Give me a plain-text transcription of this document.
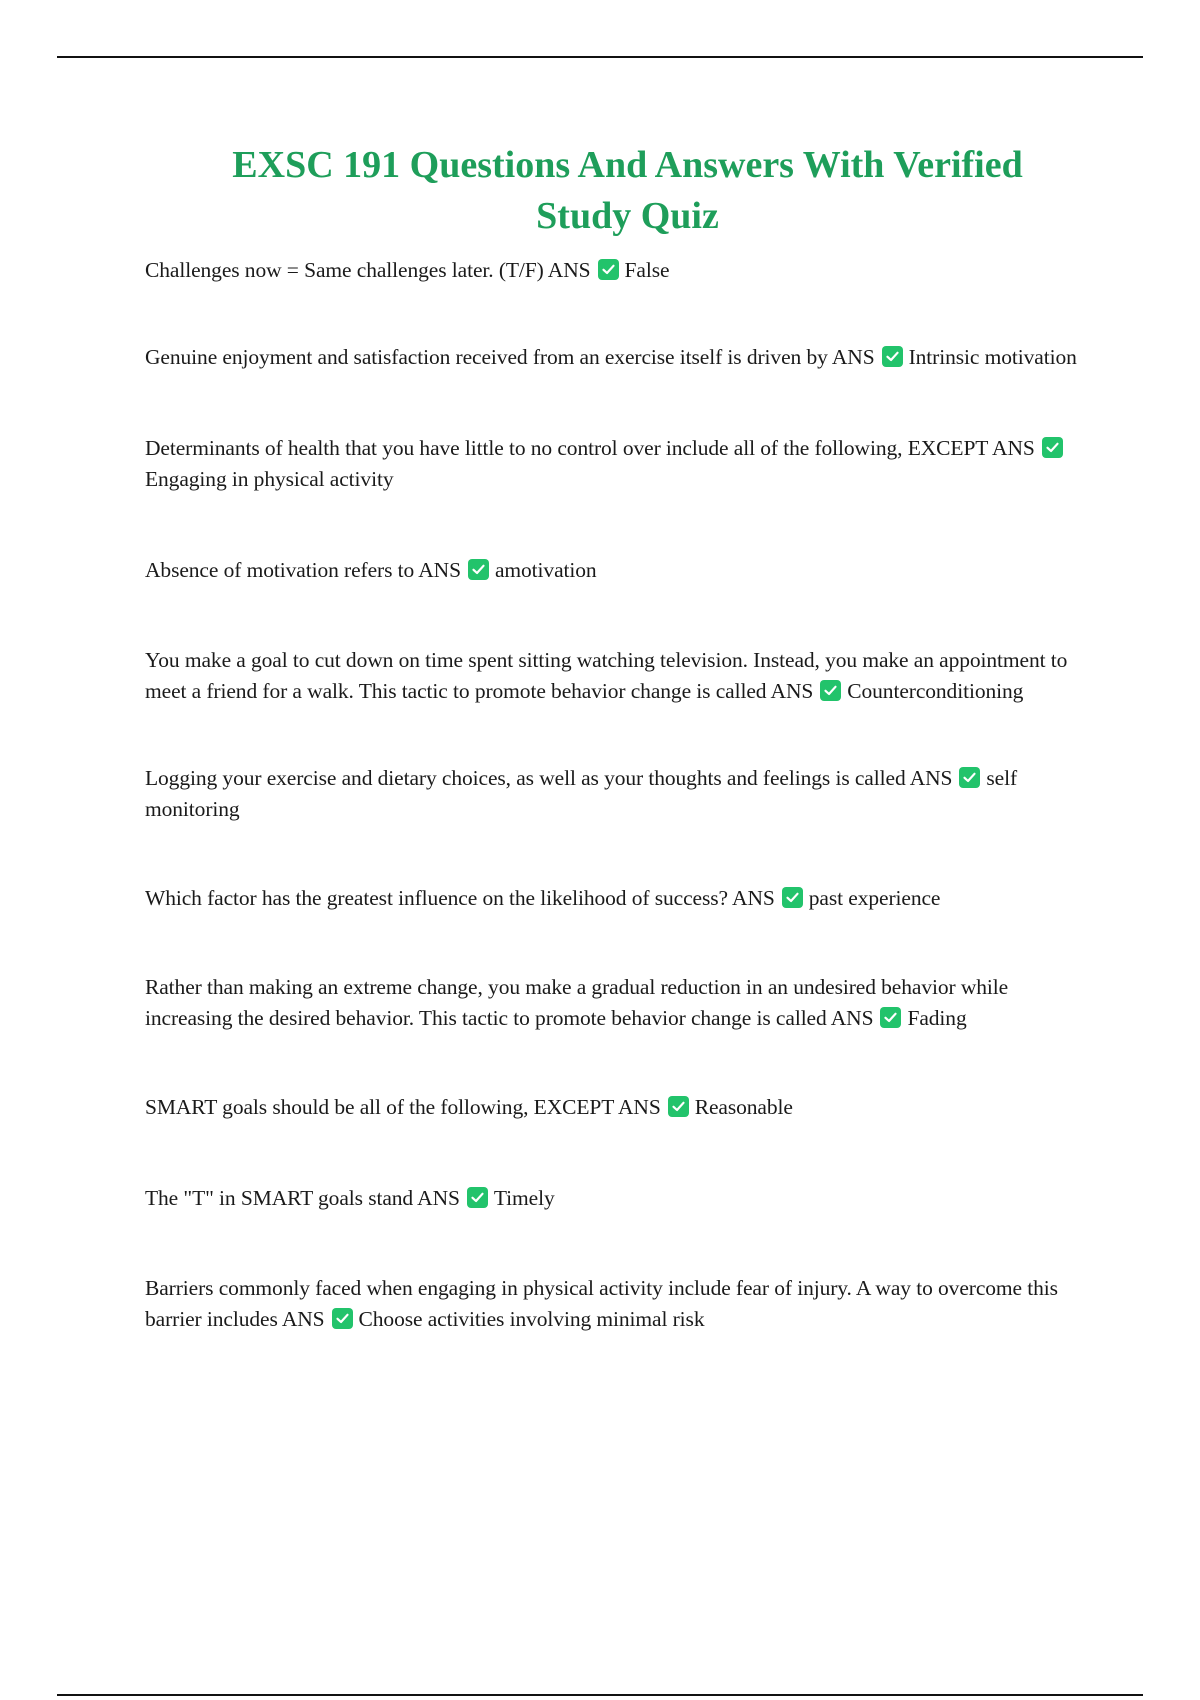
EXSC 191 Questions And Answers With Verified
Study Quiz
Challenges now = Same challenges later. (T/F) ANS False
Genuine enjoyment and satisfaction received from an exercise itself is driven by ANS Intrinsic motivation
Determinants of health that you have little to no control over include all of the following, EXCEPT ANS
Engaging in physical activity
Absence of motivation refers to ANS amotivation
You make a goal to cut down on time spent sitting watching television. Instead, you make an appointment to meet a friend for a walk. This tactic to promote behavior change is called ANS Counterconditioning
Logging your exercise and dietary choices, as well as your thoughts and feelings is called ANS self monitoring
Which factor has the greatest influence on the likelihood of success? ANS past experience
Rather than making an extreme change, you make a gradual reduction in an undesired behavior while increasing the desired behavior. This tactic to promote behavior change is called ANS Fading
SMART goals should be all of the following, EXCEPT ANS Reasonable
The "T" in SMART goals stand ANS Timely
Barriers commonly faced when engaging in physical activity include fear of injury. A way to overcome this barrier includes ANS Choose activities involving minimal risk
